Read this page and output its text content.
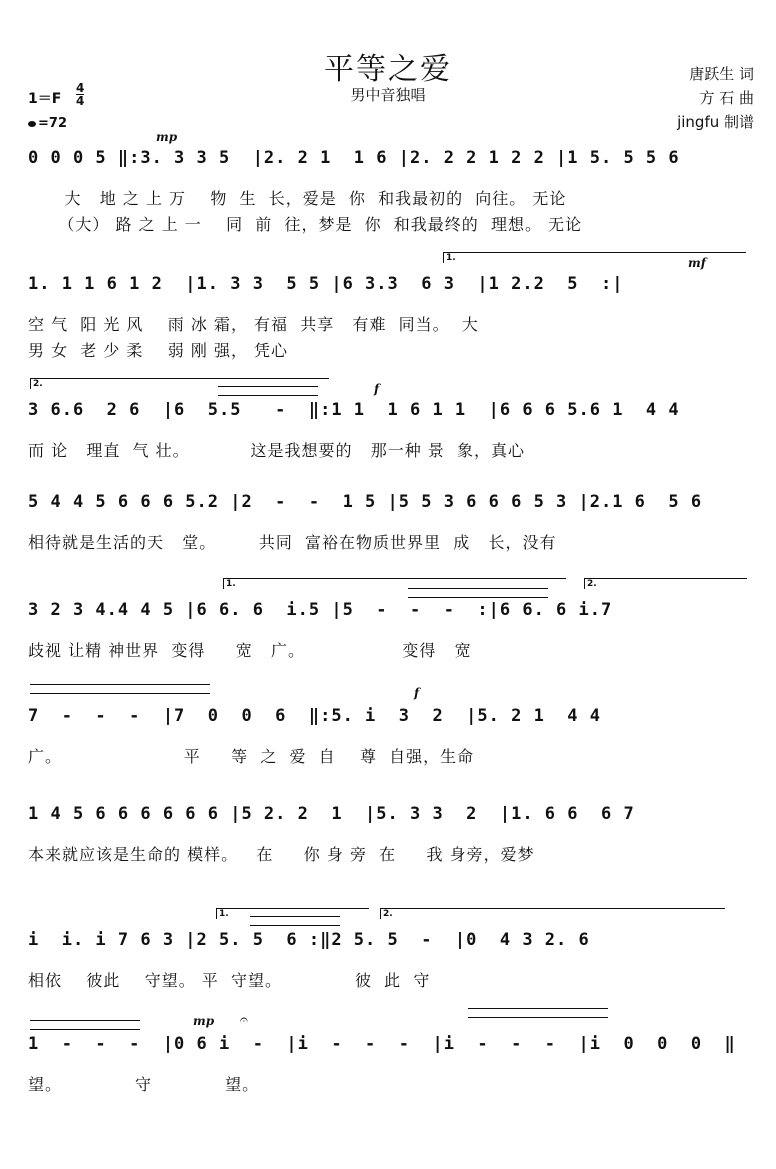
平等之爱
男中音独唱
唐跃生 词
方 石 曲
jingfu 制谱
$1=F \frac{4}{4}$
=72
mp
0 0 0 5 ‖:3. 3 3 5  |2. 2 1  1 6 |2. 2 2 1 2 2 |1 5. 5 5 6
大   地 之 上 万    物  生  长，爱是  你  和我最初的  向往。 无论
（大） 路 之 上 一    同  前  往，梦是  你  和我最终的  理想。 无论
1.	mf
1. 1 1 6 1 2  |1. 3 3  5 5 |6 3.3  6 3  |1 2.2  5  :|
空 气  阳 光 风    雨 冰 霜， 有福  共享   有难  同当。  大
男 女  老 少 柔    弱 刚 强， 凭心
2.	f
3 6.6  2 6  |6  5.5   -  ‖:1 1  1 6 1 1  |6 6 6 5.6 1  4 4
而 论   理直  气 壮。          这是我想要的   那一种 景  象，真心
5 4 4 5 6 6 6 5.2 |2  -  -  1 5 |5 5 3 6 6 6 5 3 |2.1 6  5 6
相待就是生活的天   堂。       共同  富裕在物质世界里  成   长，没有
1.	2.
3 2 3 4.4 4 5 |6 6. 6  i.5 |5  -  -  -  :|6 6. 6 i.7
歧视 让精 神世界  变得     宽   广。                变得   宽
f
7  -  -  -  |7  0  0  6  ‖:5. i  3  2  |5. 2 1  4 4
广。                    平     等  之  爱  自    尊  自强，生命
1 4 5 6 6 6 6 6 6 |5 2. 2  1  |5. 3 3  2  |1. 6 6  6 7
本来就应该是生命的 模样。   在     你 身 旁  在     我 身旁，爱梦
1.	2.
i  i. i 7 6 3 |2 5. 5  6 :‖2 5. 5  -  |0  4 3 2. 6
相依    彼此    守望。 平  守望。            彼  此  守
mp 𝄐
1  -  -  -  |0 6 i  -  |i  -  -  -  |i  -  -  -  |i  0  0  0  ‖
望。            守            望。
